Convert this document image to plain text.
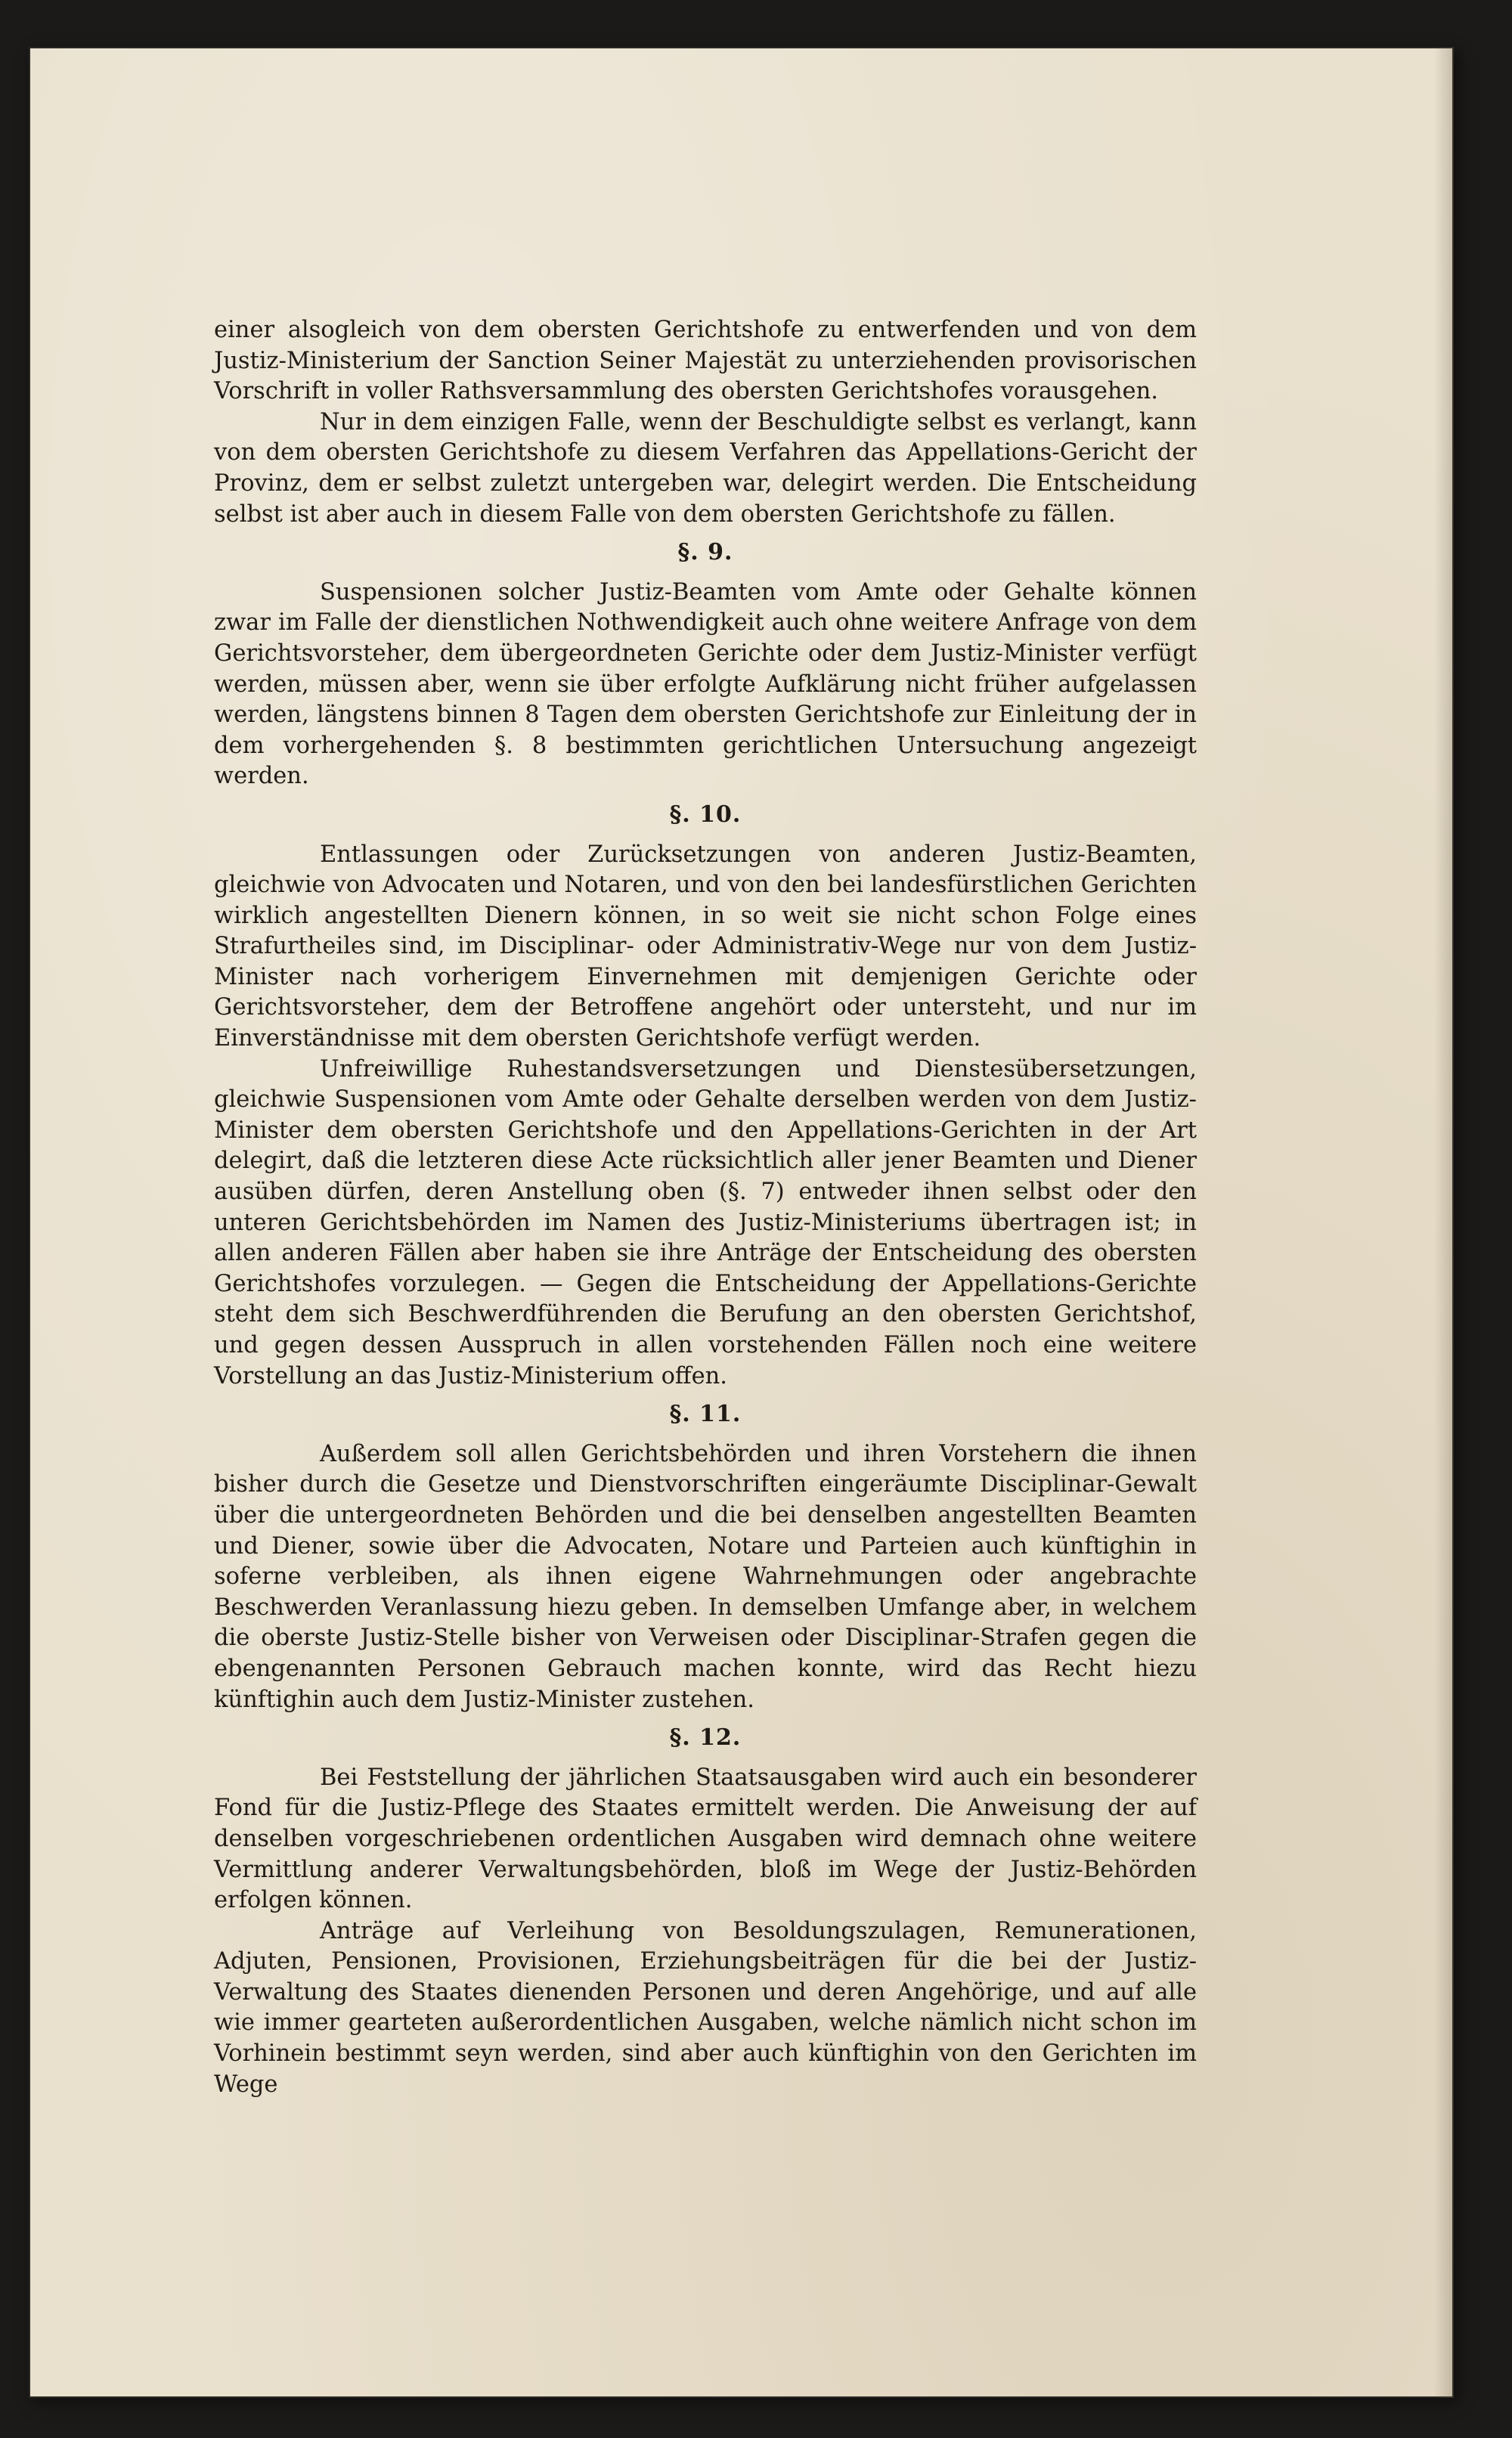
einer alsogleich von dem obersten Gerichtshofe zu entwerfenden und von dem Justiz-Ministerium der Sanction Seiner Majestät zu unterziehenden provisorischen Vorschrift in voller Rathsversammlung des obersten Gerichtshofes vorausgehen.

Nur in dem einzigen Falle, wenn der Beschuldigte selbst es verlangt, kann von dem obersten Gerichtshofe zu diesem Verfahren das Appellations-Gericht der Provinz, dem er selbst zuletzt untergeben war, delegirt werden. Die Entscheidung selbst ist aber auch in diesem Falle von dem obersten Gerichtshofe zu fällen.

§. 9.

Suspensionen solcher Justiz-Beamten vom Amte oder Gehalte können zwar im Falle der dienstlichen Nothwendigkeit auch ohne weitere Anfrage von dem Gerichtsvorsteher, dem übergeordneten Gerichte oder dem Justiz-Minister verfügt werden, müssen aber, wenn sie über erfolgte Aufklärung nicht früher aufgelassen werden, längstens binnen 8 Tagen dem obersten Gerichtshofe zur Einleitung der in dem vorhergehenden §. 8 bestimmten gerichtlichen Untersuchung angezeigt werden.

§. 10.

Entlassungen oder Zurücksetzungen von anderen Justiz-Beamten, gleichwie von Advocaten und Notaren, und von den bei landesfürstlichen Gerichten wirklich angestellten Dienern können, in so weit sie nicht schon Folge eines Strafurtheiles sind, im Disciplinar- oder Administrativ-Wege nur von dem Justiz-Minister nach vorherigem Einvernehmen mit demjenigen Gerichte oder Gerichtsvorsteher, dem der Betroffene angehört oder untersteht, und nur im Einverständnisse mit dem obersten Gerichtshofe verfügt werden.

Unfreiwillige Ruhestandsversetzungen und Dienstesübersetzungen, gleichwie Suspensionen vom Amte oder Gehalte derselben werden von dem Justiz-Minister dem obersten Gerichtshofe und den Appellations-Gerichten in der Art delegirt, daß die letzteren diese Acte rücksichtlich aller jener Beamten und Diener ausüben dürfen, deren Anstellung oben (§. 7) entweder ihnen selbst oder den unteren Gerichtsbehörden im Namen des Justiz-Ministeriums übertragen ist; in allen anderen Fällen aber haben sie ihre Anträge der Entscheidung des obersten Gerichtshofes vorzulegen. — Gegen die Entscheidung der Appellations-Gerichte steht dem sich Beschwerdführenden die Berufung an den obersten Gerichtshof, und gegen dessen Ausspruch in allen vorstehenden Fällen noch eine weitere Vorstellung an das Justiz-Ministerium offen.

§. 11.

Außerdem soll allen Gerichtsbehörden und ihren Vorstehern die ihnen bisher durch die Gesetze und Dienstvorschriften eingeräumte Disciplinar-Gewalt über die untergeordneten Behörden und die bei denselben angestellten Beamten und Diener, sowie über die Advocaten, Notare und Parteien auch künftighin in soferne verbleiben, als ihnen eigene Wahrnehmungen oder angebrachte Beschwerden Veranlassung hiezu geben. In demselben Umfange aber, in welchem die oberste Justiz-Stelle bisher von Verweisen oder Disciplinar-Strafen gegen die ebengenannten Personen Gebrauch machen konnte, wird das Recht hiezu künftighin auch dem Justiz-Minister zustehen.

§. 12.

Bei Feststellung der jährlichen Staatsausgaben wird auch ein besonderer Fond für die Justiz-Pflege des Staates ermittelt werden. Die Anweisung der auf denselben vorgeschriebenen ordentlichen Ausgaben wird demnach ohne weitere Vermittlung anderer Verwaltungsbehörden, bloß im Wege der Justiz-Behörden erfolgen können.

Anträge auf Verleihung von Besoldungszulagen, Remunerationen, Adjuten, Pensionen, Provisionen, Erziehungsbeiträgen für die bei der Justiz-Verwaltung des Staates dienenden Personen und deren Angehörige, und auf alle wie immer gearteten außerordentlichen Ausgaben, welche nämlich nicht schon im Vorhinein bestimmt seyn werden, sind aber auch künftighin von den Gerichten im Wege
